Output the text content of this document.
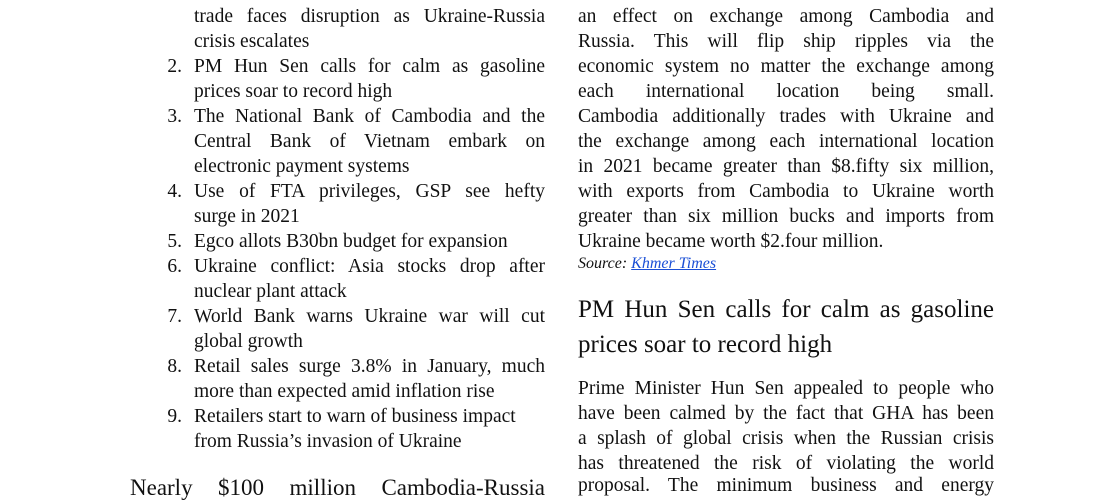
trade faces disruption as Ukraine-Russia
crisis escalates
2. PM Hun Sen calls for calm as gasoline
prices soar to record high
3. The National Bank of Cambodia and the
Central Bank of Vietnam embark on
electronic payment systems
4. Use of FTA privileges, GSP see hefty
surge in 2021
5. Egco allots B30bn budget for expansion
6. Ukraine conflict: Asia stocks drop after
nuclear plant attack
7. World Bank warns Ukraine war will cut
global growth
8. Retail sales surge 3.8% in January, much
more than expected amid inflation rise
9. Retailers start to warn of business impact
from Russia’s invasion of Ukraine
Nearly $100 million Cambodia-Russia
an effect on exchange among Cambodia and
Russia. This will flip ship ripples via the
economic system no matter the exchange among
each international location being small.
Cambodia additionally trades with Ukraine and
the exchange among each international location
in 2021 became greater than $8.fifty six million,
with exports from Cambodia to Ukraine worth
greater than six million bucks and imports from
Ukraine became worth $2.four million.
Source: Khmer Times
PM Hun Sen calls for calm as gasoline
prices soar to record high
Prime Minister Hun Sen appealed to people who
have been calmed by the fact that GHA has been
a splash of global crisis when the Russian crisis
has threatened the risk of violating the world
proposal. The minimum business and energy
